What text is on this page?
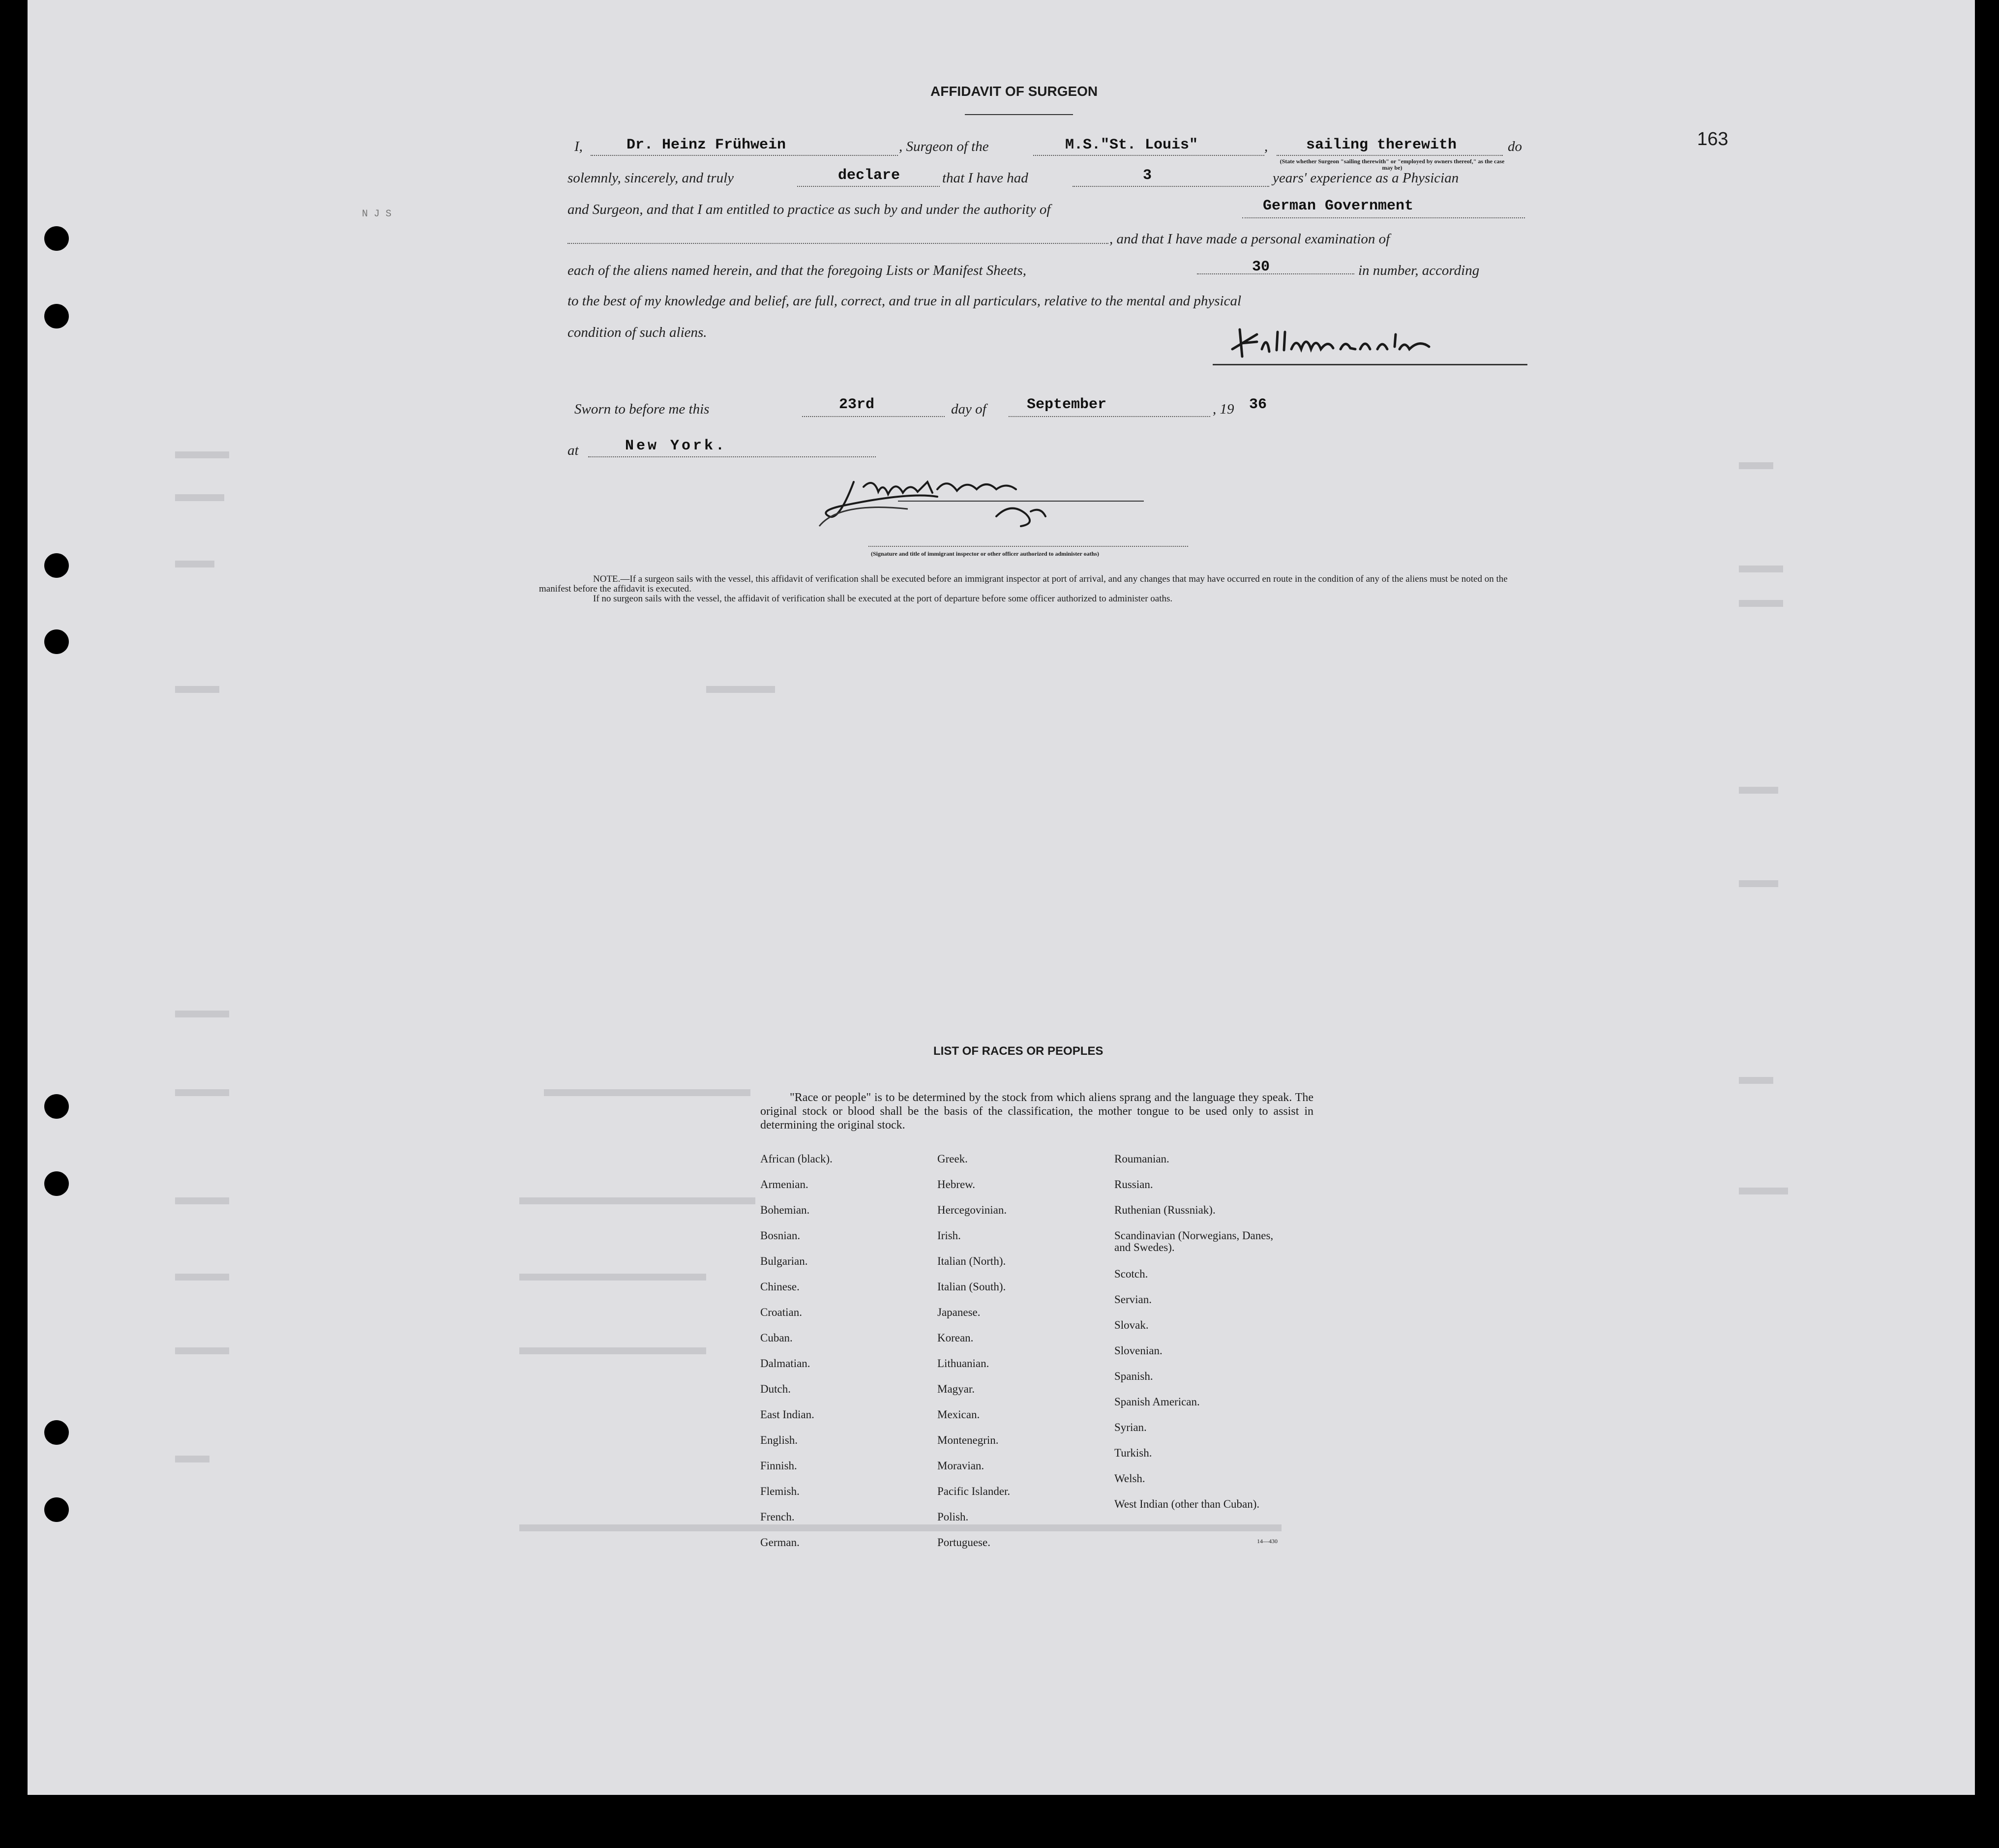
163
N J S
AFFIDAVIT OF SURGEON
I,	Dr. Heinz Frühwein	, Surgeon of the	M.S."St. Louis"	,	sailing therewith
(State whether Surgeon "sailing therewith" or "employed by owners thereof," as the case may be)
do
solemnly, sincerely, and truly	declare	that I have had	3	years' experience as a Physician
and Surgeon, and that I am entitled to practice as such by and under the authority of	German Government
, and that I have made a personal examination of
each of the aliens named herein, and that the foregoing Lists or Manifest Sheets,	30	in number, according
to the best of my knowledge and belief, are full, correct, and true in all particulars, relative to the mental and physical
condition of such aliens.
Sworn to before me this	23rd	day of	September	, 19 36
at	New York.
(Signature and title of immigrant inspector or other officer authorized to administer oaths)
NOTE.—If a surgeon sails with the vessel, this affidavit of verification shall be executed before an immigrant inspector at port of arrival, and any changes that may have occurred en route in the condition of any of the aliens must be noted on the manifest before the affidavit is executed.
If no surgeon sails with the vessel, the affidavit of verification shall be executed at the port of departure before some officer authorized to administer oaths.
LIST OF RACES OR PEOPLES
"Race or people" is to be determined by the stock from which aliens sprang and the language they speak. The original stock or blood shall be the basis of the classification, the mother tongue to be used only to assist in determining the original stock.
African (black).
Armenian.
Bohemian.
Bosnian.
Bulgarian.
Chinese.
Croatian.
Cuban.
Dalmatian.
Dutch.
East Indian.
English.
Finnish.
Flemish.
French.
German.
Greek.
Hebrew.
Hercegovinian.
Irish.
Italian (North).
Italian (South).
Japanese.
Korean.
Lithuanian.
Magyar.
Mexican.
Montenegrin.
Moravian.
Pacific Islander.
Polish.
Portuguese.
Roumanian.
Russian.
Ruthenian (Russniak).
Scandinavian (Norwegians, Danes, and Swedes).
Scotch.
Servian.
Slovak.
Slovenian.
Spanish.
Spanish American.
Syrian.
Turkish.
Welsh.
West Indian (other than Cuban).
14—430
